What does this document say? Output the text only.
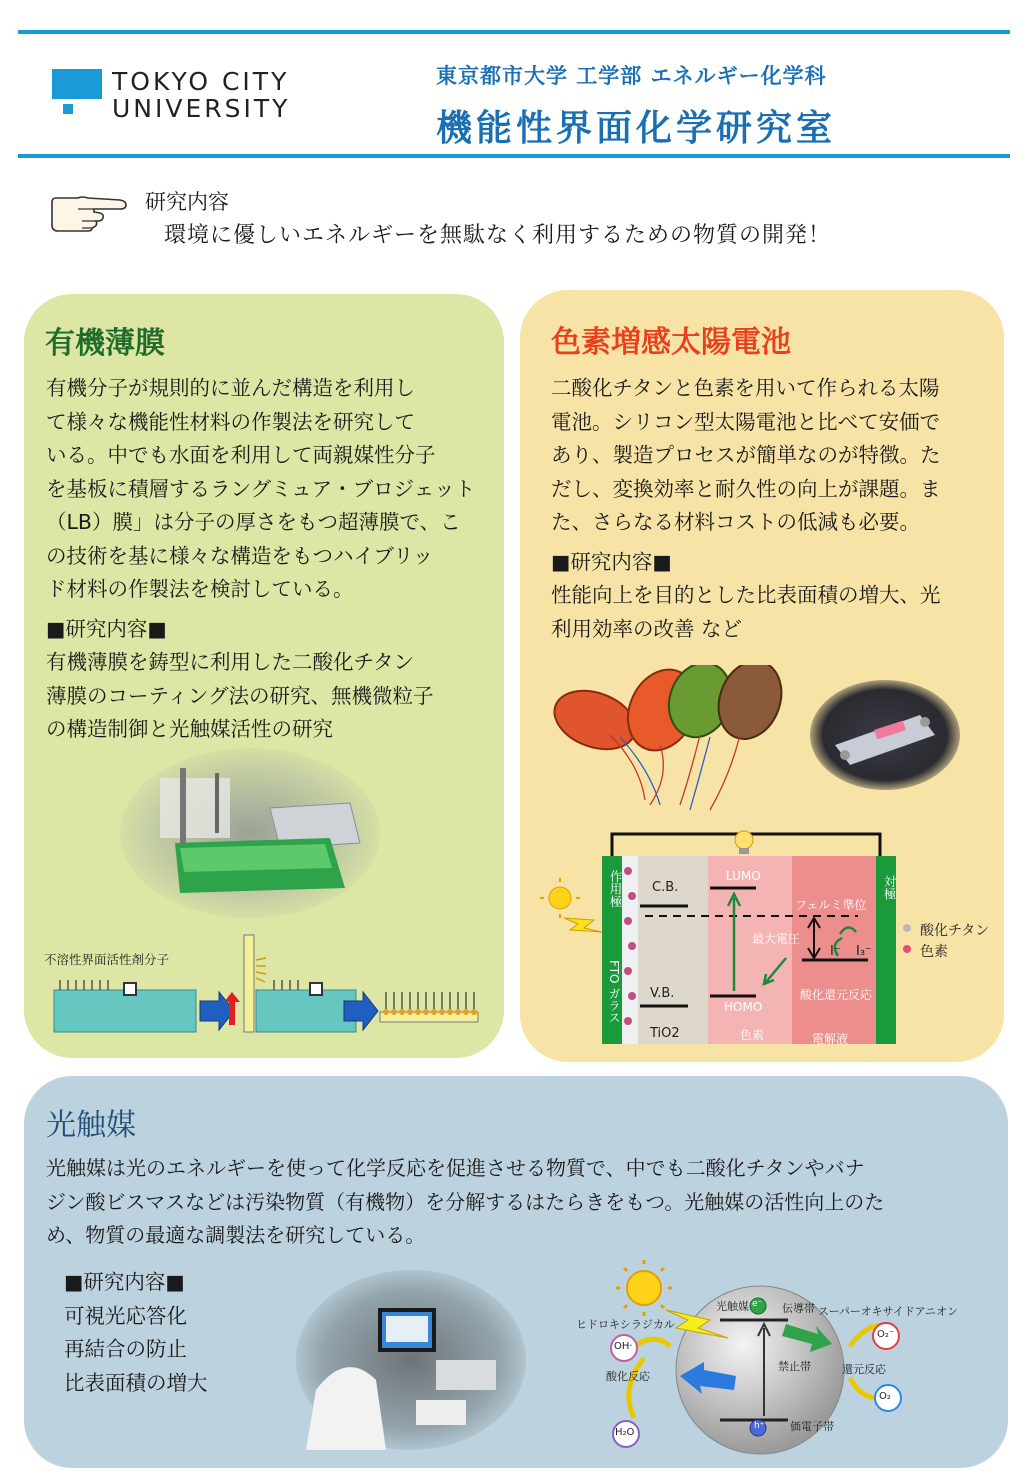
TOKYO CITY
UNIVERSITY
東京都市大学 工学部 エネルギー化学科
機能性界面化学研究室
研究内容
環境に優しいエネルギーを無駄なく利用するための物質の開発！
有機薄膜
有機分子が規則的に並んだ構造を利用し
て様々な機能性材料の作製法を研究して
いる。中でも水面を利用して両親媒性分子
を基板に積層するラングミュア・ブロジェット
（LB）膜」は分子の厚さをもつ超薄膜で、こ
の技術を基に様々な構造をもつハイブリッ
ド材料の作製法を検討している。
■研究内容■
有機薄膜を鋳型に利用した二酸化チタン
薄膜のコーティング法の研究、無機微粒子
の構造制御と光触媒活性の研究
不溶性界面活性剤分子
色素増感太陽電池
二酸化チタンと色素を用いて作られる太陽
電池。シリコン型太陽電池と比べて安価で
あり、製造プロセスが簡単なのが特徴。た
だし、変換効率と耐久性の向上が課題。ま
た、さらなる材料コストの低減も必要。
■研究内容■
性能向上を目的とした比表面積の増大、光
利用効率の改善 など
作用極
FTO ガラス
対極
C.B.
V.B.
TiO2
LUMO
HOMO
フェルミ準位
最大電圧
酸化還元反応
色素	電解液
I⁻ I₃⁻
酸化チタン
色素
光触媒
光触媒は光のエネルギーを使って化学反応を促進させる物質で、中でも二酸化チタンやバナ
ジン酸ビスマスなどは汚染物質（有機物）を分解するはたらきをもつ。光触媒の活性向上のた
め、物質の最適な調製法を研究している。
■研究内容■
可視光応答化
再結合の防止
比表面積の増大
光触媒 e⁻ 伝導帯
禁止帯
価電子帯
h⁺
ヒドロキシラジカル
スーパーオキサイドアニオン
OH·
H₂O
O₂⁻
O₂
酸化反応
還元反応
